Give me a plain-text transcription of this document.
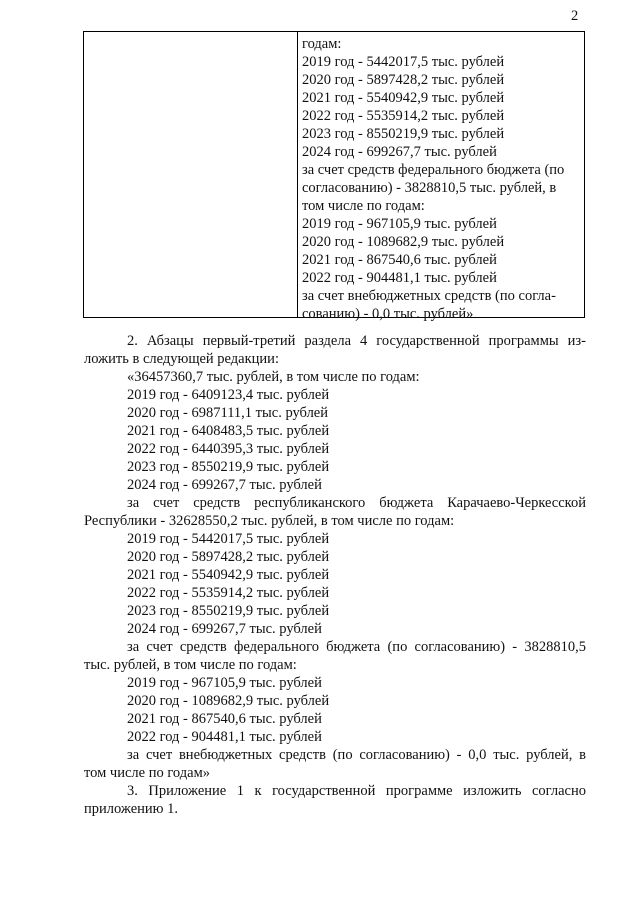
2
годам:
2019 год - 5442017,5 тыс. рублей
2020 год - 5897428,2 тыс. рублей
2021 год - 5540942,9 тыс. рублей
2022 год - 5535914,2 тыс. рублей
2023 год - 8550219,9 тыс. рублей
2024 год - 699267,7 тыс. рублей
за счет средств федерального бюджета (по
согласованию) - 3828810,5 тыс. рублей, в
том числе по годам:
2019 год - 967105,9 тыс. рублей
2020 год - 1089682,9 тыс. рублей
2021 год - 867540,6 тыс. рублей
2022 год - 904481,1 тыс. рублей
за счет внебюджетных средств (по согла-
сованию) - 0,0 тыс. рублей»
2. Абзацы первый-третий раздела 4 государственной программы из-
ложить в следующей редакции:
«36457360,7 тыс. рублей, в том числе по годам:
2019 год - 6409123,4 тыс. рублей
2020 год - 6987111,1 тыс. рублей
2021 год - 6408483,5 тыс. рублей
2022 год - 6440395,3 тыс. рублей
2023 год - 8550219,9 тыс. рублей
2024 год - 699267,7 тыс. рублей
за счет средств республиканского бюджета Карачаево-Черкесской
Республики - 32628550,2 тыс. рублей, в том числе по годам:
2019 год - 5442017,5 тыс. рублей
2020 год - 5897428,2 тыс. рублей
2021 год - 5540942,9 тыс. рублей
2022 год - 5535914,2 тыс. рублей
2023 год - 8550219,9 тыс. рублей
2024 год - 699267,7 тыс. рублей
за счет средств федерального бюджета (по согласованию) - 3828810,5
тыс. рублей, в том числе по годам:
2019 год - 967105,9 тыс. рублей
2020 год - 1089682,9 тыс. рублей
2021 год - 867540,6 тыс. рублей
2022 год - 904481,1 тыс. рублей
за счет внебюджетных средств (по согласованию) - 0,0 тыс. рублей, в
том числе по годам»
3. Приложение 1 к государственной программе изложить согласно
приложению 1.
